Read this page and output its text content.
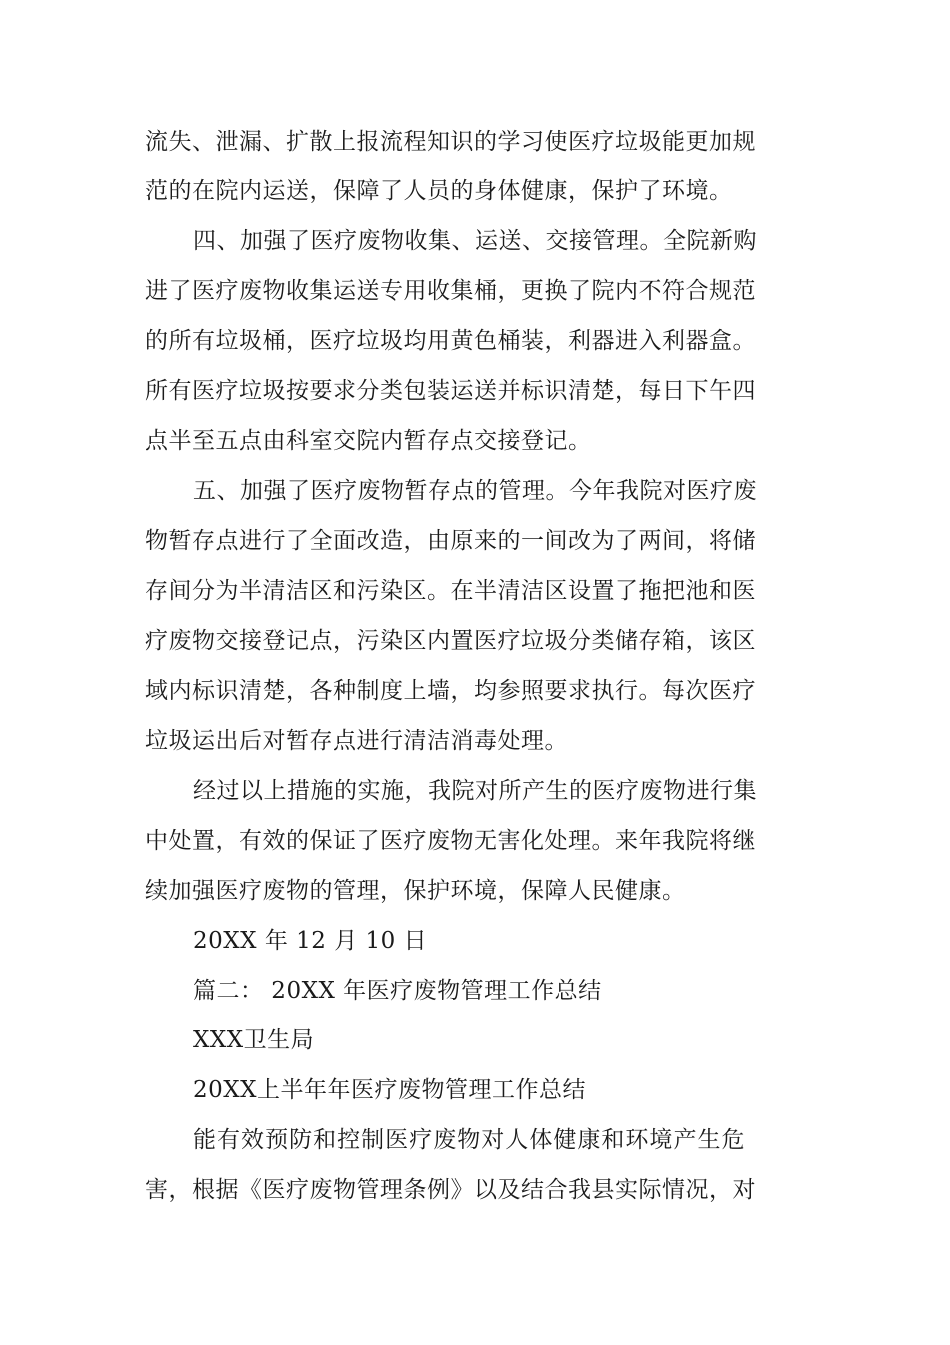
流失、泄漏、扩散上报流程知识的学习使医疗垃圾能更加规
范的在院内运送，保障了人员的身体健康，保护了环境。
四、加强了医疗废物收集、运送、交接管理。全院新购
进了医疗废物收集运送专用收集桶，更换了院内不符合规范
的所有垃圾桶，医疗垃圾均用黄色桶装，利器进入利器盒。
所有医疗垃圾按要求分类包装运送并标识清楚，每日下午四
点半至五点由科室交院内暂存点交接登记。
五、加强了医疗废物暂存点的管理。今年我院对医疗废
物暂存点进行了全面改造，由原来的一间改为了两间，将储
存间分为半清洁区和污染区。在半清洁区设置了拖把池和医
疗废物交接登记点，污染区内置医疗垃圾分类储存箱，该区
域内标识清楚，各种制度上墙，均参照要求执行。每次医疗
垃圾运出后对暂存点进行清洁消毒处理。
经过以上措施的实施，我院对所产生的医疗废物进行集
中处置，有效的保证了医疗废物无害化处理。来年我院将继
续加强医疗废物的管理，保护环境，保障人民健康。
20XX 年 12 月 10 日
篇二： 20XX 年医疗废物管理工作总结
XXX卫生局
20XX上半年年医疗废物管理工作总结
能有效预防和控制医疗废物对人体健康和环境产生危
害，根据《医疗废物管理条例》以及结合我县实际情况，对
